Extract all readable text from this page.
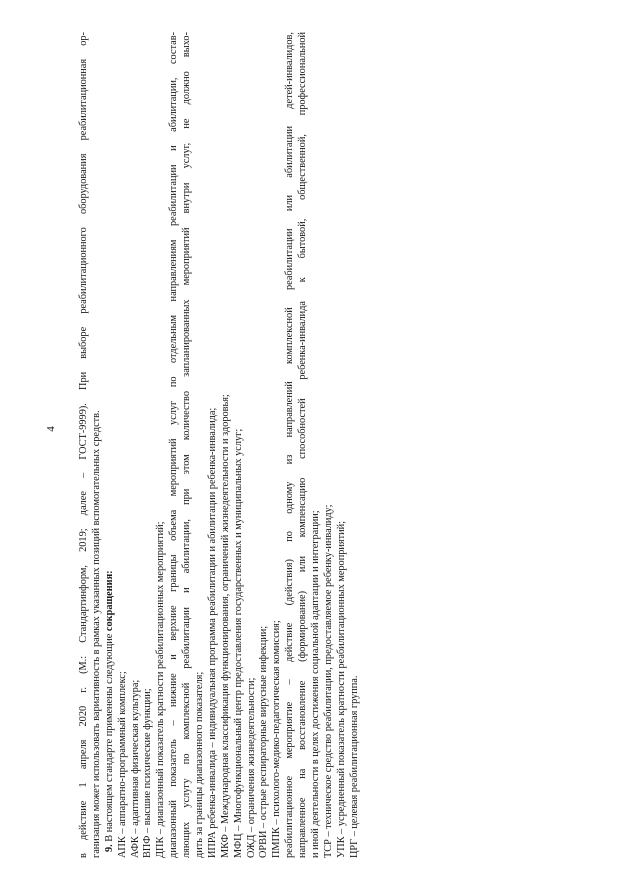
4 в действие 1 апреля 2020 г. (М.: Стандартинформ, 2019; далее – ГОСТ-9999). При выборе реабилитационного оборудования реабилитационная ор- ганизация может использовать вариативность в рамках указанных позиций вспомогательных средств. 9. В настоящем стандарте применены следующие сокращения:
АПК – аппаратно-программный комплекс; АФК – адаптивная физическая культура; ВПФ – высшие психические функции; ДПК – диапазонный показатель кратности реабилитационных мероприятий; диапазонный показатель – нижние и верхние границы объема мероприятий услуг по отдельным направлениям реабилитации и абилитации, состав- ляющих услугу по комплексной реабилитации и абилитации, при этом количество запланированных мероприятий внутри услуг, не должно выхо- дить за границы диапазонного показателя; ИПРА ребенка-инвалида – индивидуальная программа реабилитации и абилитации ребенка-инвалида; МКФ – Международная классификация функционирования, ограничений жизнедеятельности и здоровья; МФЦ – Многофункциональный центр предоставления государственных и муниципальных услуг; ОЖД – ограничения жизнедеятельности; ОРВИ – острые респираторные вирусные инфекции; ПМПК – психолого-медико-педагогическая комиссия; реабилитационное мероприятие – действие (действия) по одному из направлений комплексной реабилитации или абилитации детей-инвалидов, направленное на восстановление (формирование) или компенсацию способностей ребенка-инвалида к бытовой, общественной, профессиональной и иной деятельности в целях достижения социальной адаптации и интеграции; ТСР – техническое средство реабилитации, предоставляемое ребенку-инвалиду; УПК – усредненный показатель кратности реабилитационных мероприятий; ЦРГ – целевая реабилитационная группа.
